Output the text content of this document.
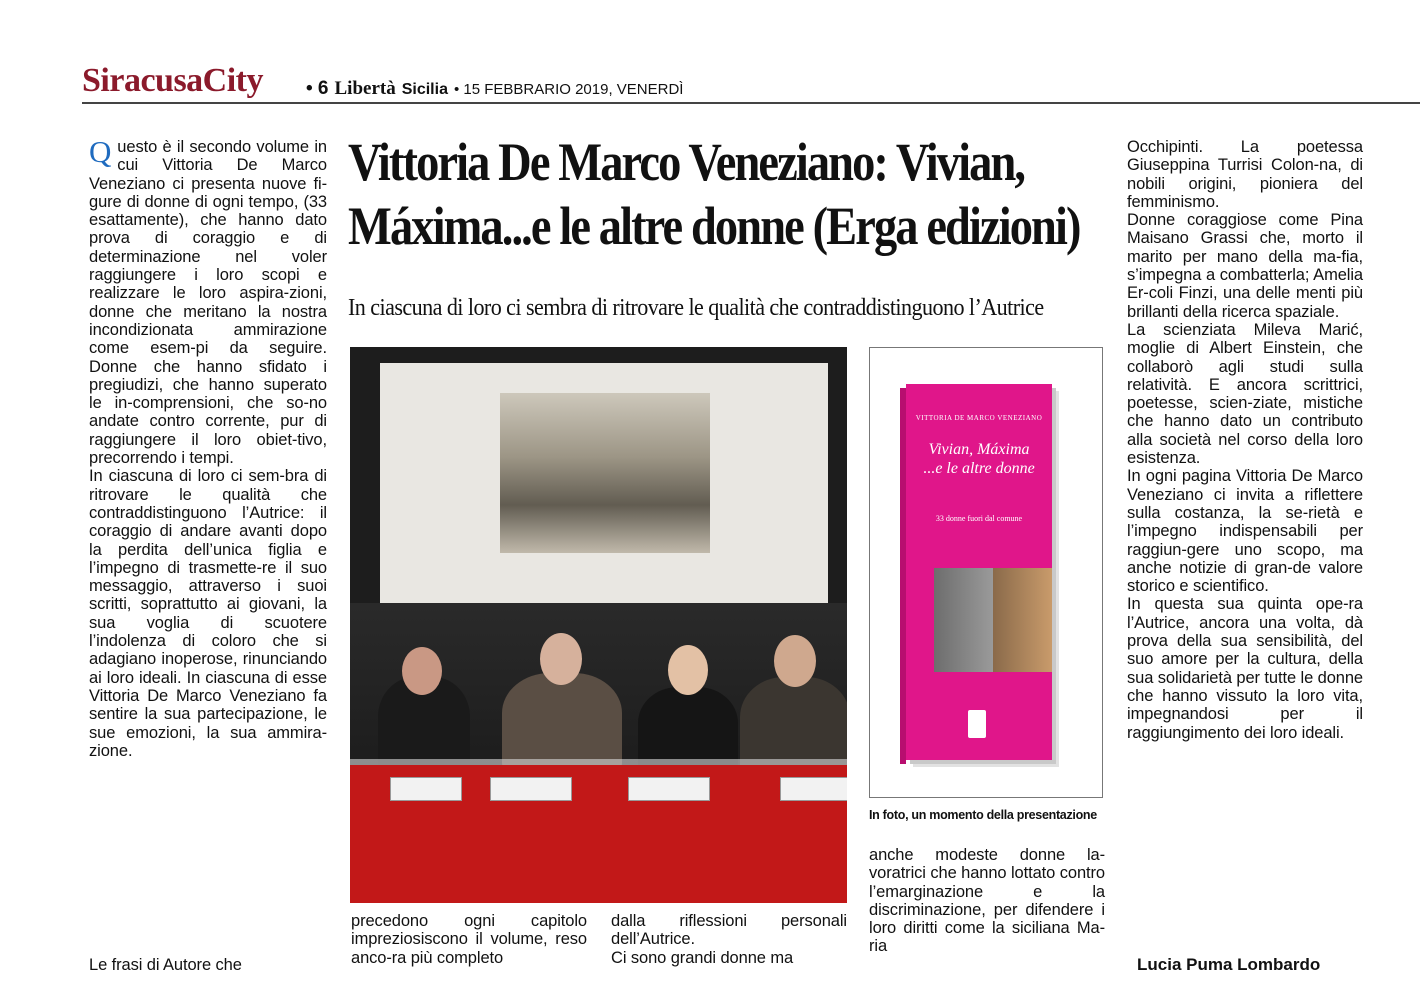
SiracusaCity • 6 Libertà Sicilia • 15 FEBBRARIO 2019, VENERDÌ
Vittoria De Marco Veneziano: Vivian,
Máxima...e le altre donne (Erga edizioni)
In ciascuna di loro ci sembra di ritrovare le qualità che contraddistinguono l’Autrice

Questo è il secondo volume in cui Vittoria De Marco Veneziano ci presenta nuove fi-gure di donne di ogni tempo, (33 esattamente), che hanno dato prova di coraggio e di determinazione nel voler raggiungere i loro scopi e realizzare le loro aspira-zioni, donne che meritano la nostra incondizionata ammirazione come esem-pi da seguire. Donne che hanno sfidato i pregiudizi, che hanno superato le in-comprensioni, che so-no andate contro corrente, pur di raggiungere il loro obiet-tivo, precorrendo i tempi.

In ciascuna di loro ci sem-bra di ritrovare le qualità che contraddistinguono l’Autrice: il coraggio di andare avanti dopo la perdita dell’unica figlia e l’impegno di trasmette-re il suo messaggio, attraverso i suoi scritti, soprattutto ai giovani, la sua voglia di scuotere l’indolenza di coloro che si adagiano inoperose, rinunciando ai loro ideali. In ciascuna di esse Vittoria De Marco Veneziano fa sentire la sua partecipazione, le sue emozioni, la sua ammira-zione.

Le frasi di Autore che

VITTORIA DE MARCO VENEZIANO
Vivian, Máxima
...e le altre donne
33 donne fuori dal comune
In foto, un momento della presentazione

precedono ogni capitolo impreziosiscono il volume, reso anco-ra più completo

dalla riflessioni personali dell’Autrice.

Ci sono grandi donne ma

anche modeste donne la-voratrici che hanno lottato contro l’emarginazione e la discriminazione, per difendere i loro diritti come la siciliana Ma-ria

Occhipinti. La poetessa Giuseppina Turrisi Colon-na, di nobili origini, pioniera del femminismo.

Donne coraggiose come Pina Maisano Grassi che, morto il marito per mano della ma-fia, s’impegna a combatterla; Amelia Er-coli Finzi, una delle menti più brillanti della ricerca spaziale.

La scienziata Mileva Marić, moglie di Albert Einstein, che collaborò agli studi sulla relatività. E ancora scrittrici, poetesse, scien-ziate, mistiche che hanno dato un contributo alla società nel corso della loro esistenza.

In ogni pagina Vittoria De Marco Veneziano ci invita a riflettere sulla costanza, la se-rietà e l’impegno indispensabili per raggiun-gere uno scopo, ma anche notizie di gran-de valore storico e scientifico.

In questa sua quinta ope-ra l’Autrice, ancora una volta, dà prova della sua sensibilità, del suo amore per la cultura, della sua solidarietà per tutte le donne che hanno vissuto la loro vita, impegnandosi per il raggiungimento dei loro ideali.

Lucia Puma Lombardo
